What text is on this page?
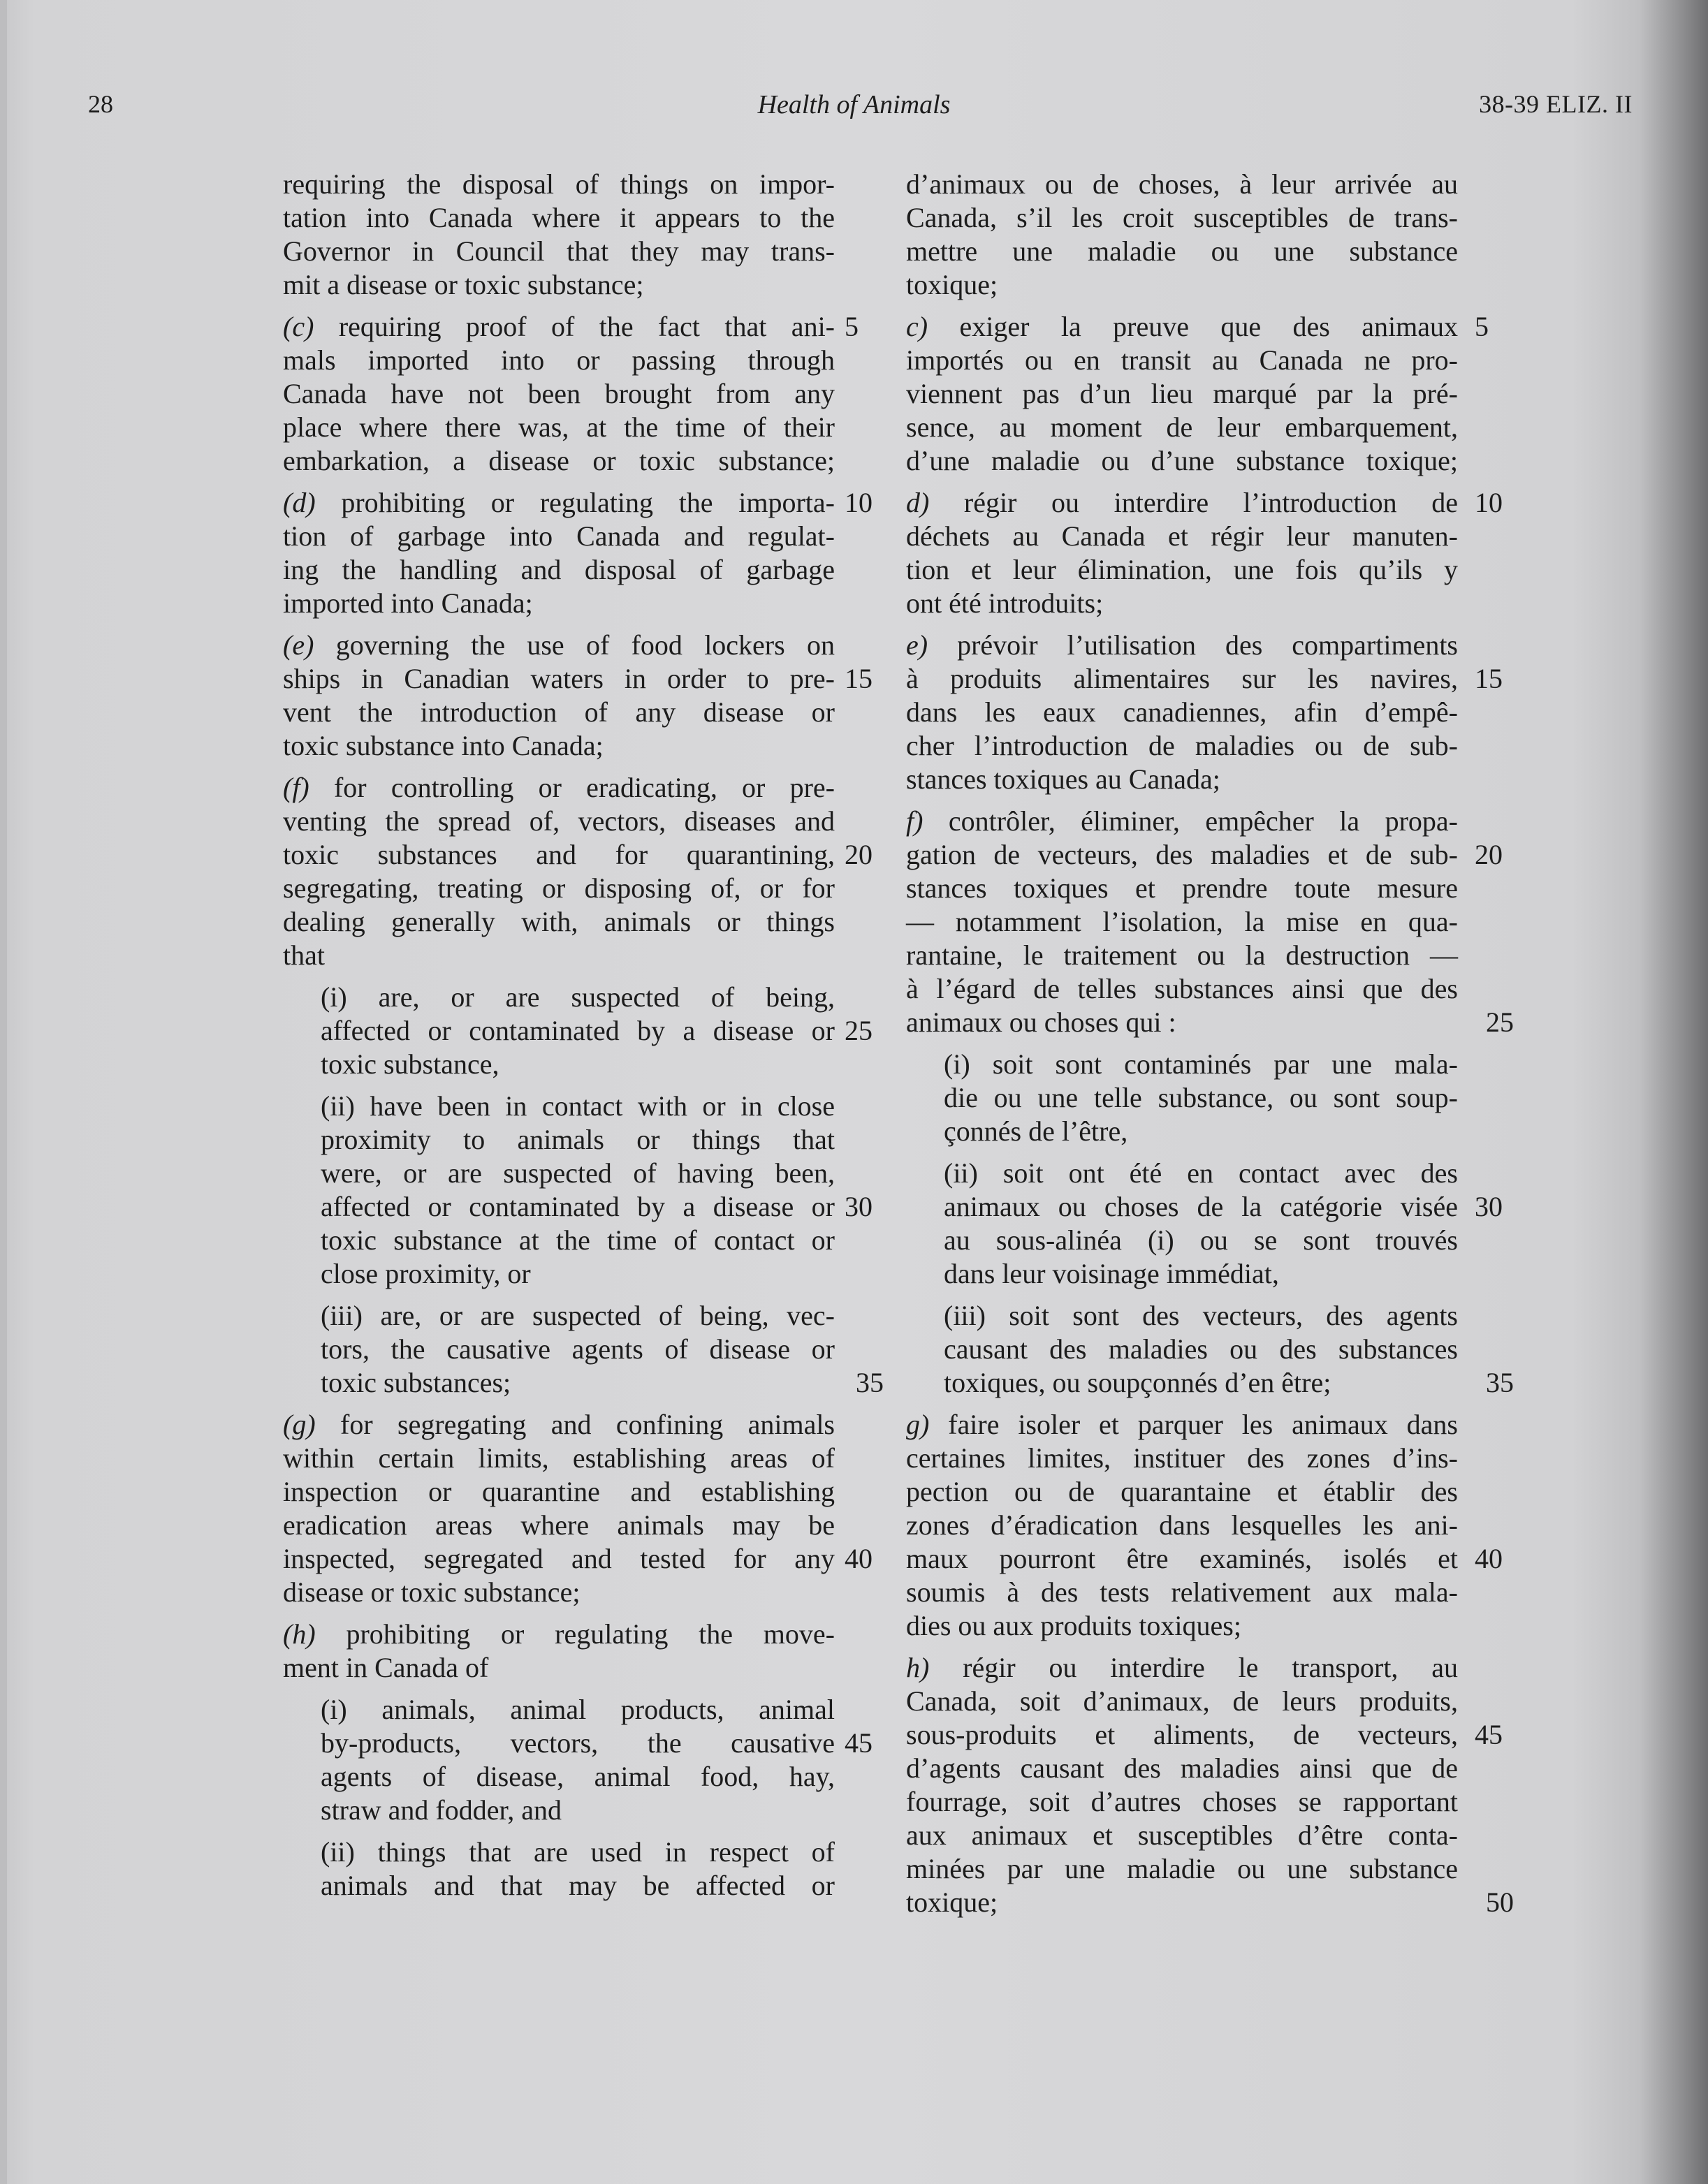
28	Health of Animals	38-39 ELIZ. II
requiring the disposal of things on impor-
tation into Canada where it appears to the
Governor in Council that they may trans-
mit a disease or toxic substance;
(c) requiring proof of the fact that ani- 5
mals imported into or passing through
Canada have not been brought from any
place where there was, at the time of their
embarkation, a disease or toxic substance;
(d) prohibiting or regulating the importa- 10
tion of garbage into Canada and regulat-
ing the handling and disposal of garbage
imported into Canada;
(e) governing the use of food lockers on
ships in Canadian waters in order to pre- 15
vent the introduction of any disease or
toxic substance into Canada;
(f) for controlling or eradicating, or pre-
venting the spread of, vectors, diseases and
toxic substances and for quarantining, 20
segregating, treating or disposing of, or for
dealing generally with, animals or things
that
(i) are, or are suspected of being,
affected or contaminated by a disease or 25
toxic substance,
(ii) have been in contact with or in close
proximity to animals or things that
were, or are suspected of having been,
affected or contaminated by a disease or 30
toxic substance at the time of contact or
close proximity, or
(iii) are, or are suspected of being, vec-
tors, the causative agents of disease or
toxic substances;	35
(g) for segregating and confining animals
within certain limits, establishing areas of
inspection or quarantine and establishing
eradication areas where animals may be
inspected, segregated and tested for any 40
disease or toxic substance;
(h) prohibiting or regulating the move-
ment in Canada of
(i) animals, animal products, animal
by-products, vectors, the causative 45
agents of disease, animal food, hay,
straw and fodder, and
(ii) things that are used in respect of
animals and that may be affected or
d’animaux ou de choses, à leur arrivée au
Canada, s’il les croit susceptibles de trans-
mettre une maladie ou une substance
toxique;
c) exiger la preuve que des animaux 5
importés ou en transit au Canada ne pro-
viennent pas d’un lieu marqué par la pré-
sence, au moment de leur embarquement,
d’une maladie ou d’une substance toxique;
d) régir ou interdire l’introduction de 10
déchets au Canada et régir leur manuten-
tion et leur élimination, une fois qu’ils y
ont été introduits;
e) prévoir l’utilisation des compartiments
à produits alimentaires sur les navires, 15
dans les eaux canadiennes, afin d’empê-
cher l’introduction de maladies ou de sub-
stances toxiques au Canada;
f) contrôler, éliminer, empêcher la propa-
gation de vecteurs, des maladies et de sub- 20
stances toxiques et prendre toute mesure
— notamment l’isolation, la mise en qua-
rantaine, le traitement ou la destruction —
à l’égard de telles substances ainsi que des
animaux ou choses qui :	25
(i) soit sont contaminés par une mala-
die ou une telle substance, ou sont soup-
çonnés de l’être,
(ii) soit ont été en contact avec des
animaux ou choses de la catégorie visée 30
au sous-alinéa (i) ou se sont trouvés
dans leur voisinage immédiat,
(iii) soit sont des vecteurs, des agents
causant des maladies ou des substances
toxiques, ou soupçonnés d’en être;	35
g) faire isoler et parquer les animaux dans
certaines limites, instituer des zones d’ins-
pection ou de quarantaine et établir des
zones d’éradication dans lesquelles les ani-
maux pourront être examinés, isolés et 40
soumis à des tests relativement aux mala-
dies ou aux produits toxiques;
h) régir ou interdire le transport, au
Canada, soit d’animaux, de leurs produits,
sous-produits et aliments, de vecteurs, 45
d’agents causant des maladies ainsi que de
fourrage, soit d’autres choses se rapportant
aux animaux et susceptibles d’être conta-
minées par une maladie ou une substance
toxique;	50
